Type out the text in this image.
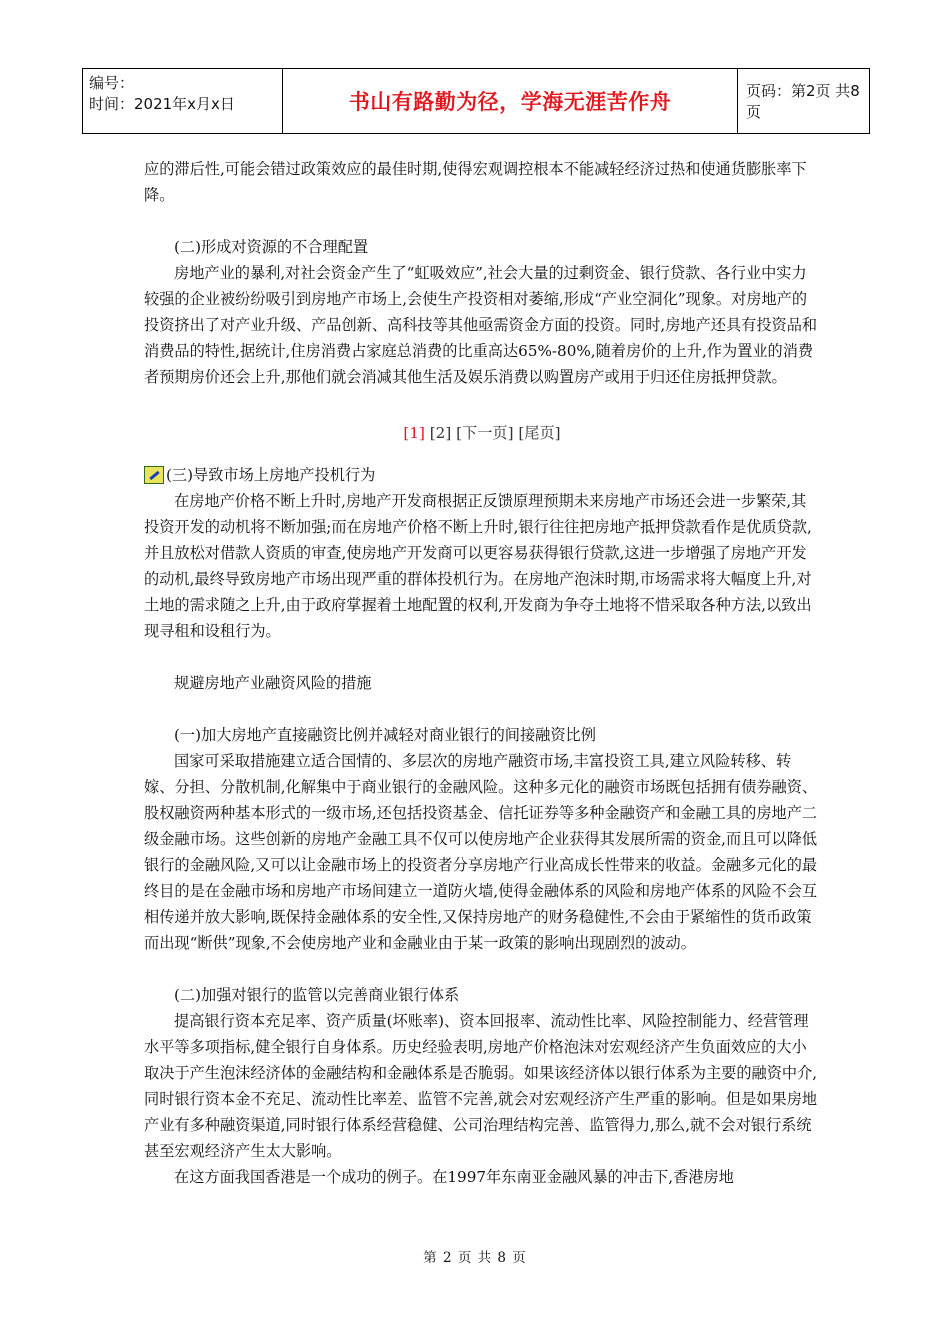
编号：
时间：2021年x月x日	书山有路勤为径，学海无涯苦作舟	页码：第2页 共8页

应的滞后性,可能会错过政策效应的最佳时期,使得宏观调控根本不能减轻经济过热和使通货膨胀率下降。

(二)形成对资源的不合理配置

房地产业的暴利,对社会资金产生了“虹吸效应”,社会大量的过剩资金、银行贷款、各行业中实力较强的企业被纷纷吸引到房地产市场上,会使生产投资相对萎缩,形成“产业空洞化”现象。对房地产的投资挤出了对产业升级、产品创新、高科技等其他亟需资金方面的投资。同时,房地产还具有投资品和消费品的特性,据统计,住房消费占家庭总消费的比重高达65%-80%,随着房价的上升,作为置业的消费者预期房价还会上升,那他们就会消减其他生活及娱乐消费以购置房产或用于归还住房抵押贷款。

[1] [2] [下一页] [尾页]
(三)导致市场上房地产投机行为

在房地产价格不断上升时,房地产开发商根据正反馈原理预期未来房地产市场还会进一步繁荣,其投资开发的动机将不断加强;而在房地产价格不断上升时,银行往往把房地产抵押贷款看作是优质贷款,并且放松对借款人资质的审查,使房地产开发商可以更容易获得银行贷款,这进一步增强了房地产开发的动机,最终导致房地产市场出现严重的群体投机行为。在房地产泡沫时期,市场需求将大幅度上升,对土地的需求随之上升,由于政府掌握着土地配置的权利,开发商为争夺土地将不惜采取各种方法,以致出现寻租和设租行为。

规避房地产业融资风险的措施

(一)加大房地产直接融资比例并减轻对商业银行的间接融资比例

国家可采取措施建立适合国情的、多层次的房地产融资市场,丰富投资工具,建立风险转移、转嫁、分担、分散机制,化解集中于商业银行的金融风险。这种多元化的融资市场既包括拥有债券融资、股权融资两种基本形式的一级市场,还包括投资基金、信托证券等多种金融资产和金融工具的房地产二级金融市场。这些创新的房地产金融工具不仅可以使房地产企业获得其发展所需的资金,而且可以降低银行的金融风险,又可以让金融市场上的投资者分享房地产行业高成长性带来的收益。金融多元化的最终目的是在金融市场和房地产市场间建立一道防火墙,使得金融体系的风险和房地产体系的风险不会互相传递并放大影响,既保持金融体系的安全性,又保持房地产的财务稳健性,不会由于紧缩性的货币政策而出现“断供”现象,不会使房地产业和金融业由于某一政策的影响出现剧烈的波动。

(二)加强对银行的监管以完善商业银行体系

提高银行资本充足率、资产质量(坏账率)、资本回报率、流动性比率、风险控制能力、经营管理水平等多项指标,健全银行自身体系。历史经验表明,房地产价格泡沫对宏观经济产生负面效应的大小取决于产生泡沫经济体的金融结构和金融体系是否脆弱。如果该经济体以银行体系为主要的融资中介,同时银行资本金不充足、流动性比率差、监管不完善,就会对宏观经济产生严重的影响。但是如果房地产业有多种融资渠道,同时银行体系经营稳健、公司治理结构完善、监管得力,那么,就不会对银行系统甚至宏观经济产生太大影响。

在这方面我国香港是一个成功的例子。在1997年东南亚金融风暴的冲击下,香港房地

第 2 页 共 8 页
